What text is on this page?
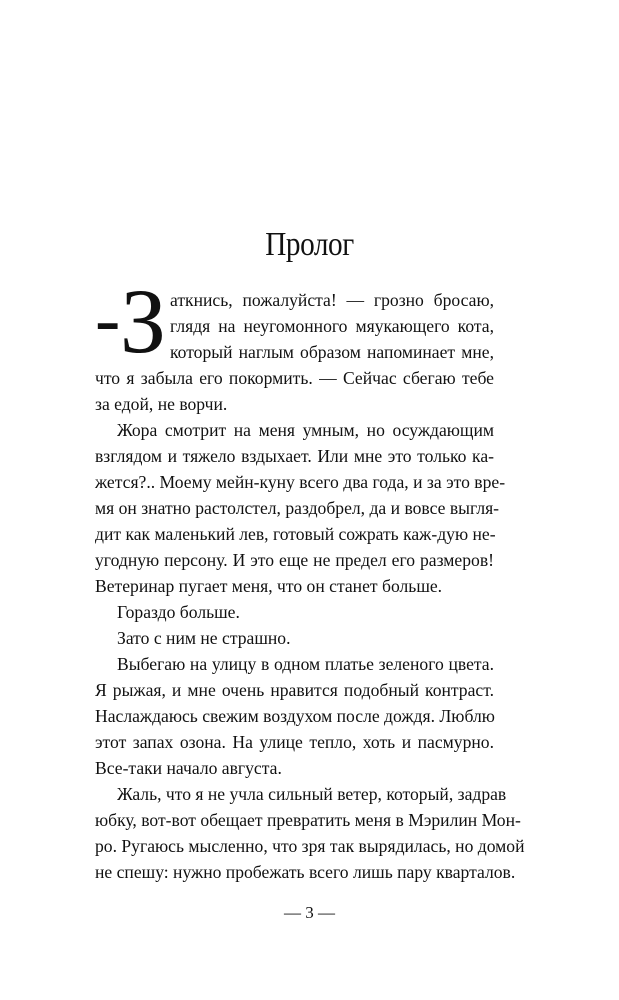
Пролог
- З аткнись, пожалуйста! — грозно бросаю,
глядя на неугомонного мяукающего кота,
который наглым образом напоминает мне,
что я забыла его покормить. — Сейчас сбегаю тебе
за едой, не ворчи.
Жора смотрит на меня умным, но осуждающим
взглядом и тяжело вздыхает. Или мне это только ка-
жется?.. Моему мейн-куну всего два года, и за это вре-
мя он знатно растолстел, раздобрел, да и вовсе выгля-
дит как маленький лев, готовый сожрать каж-дую не-
угодную персону. И это еще не предел его размеров!
Ветеринар пугает меня, что он станет больше.
Гораздо больше.
Зато с ним не страшно.
Выбегаю на улицу в одном платье зеленого цвета.
Я рыжая, и мне очень нравится подобный контраст.
Наслаждаюсь свежим воздухом после дождя. Люблю
этот запах озона. На улице тепло, хоть и пасмурно.
Все-таки начало августа.
Жаль, что я не учла сильный ветер, который, задрав
юбку, вот-вот обещает превратить меня в Мэрилин Мон-
ро. Ругаюсь мысленно, что зря так вырядилась, но домой
не спешу: нужно пробежать всего лишь пару кварталов.
— 3 —
